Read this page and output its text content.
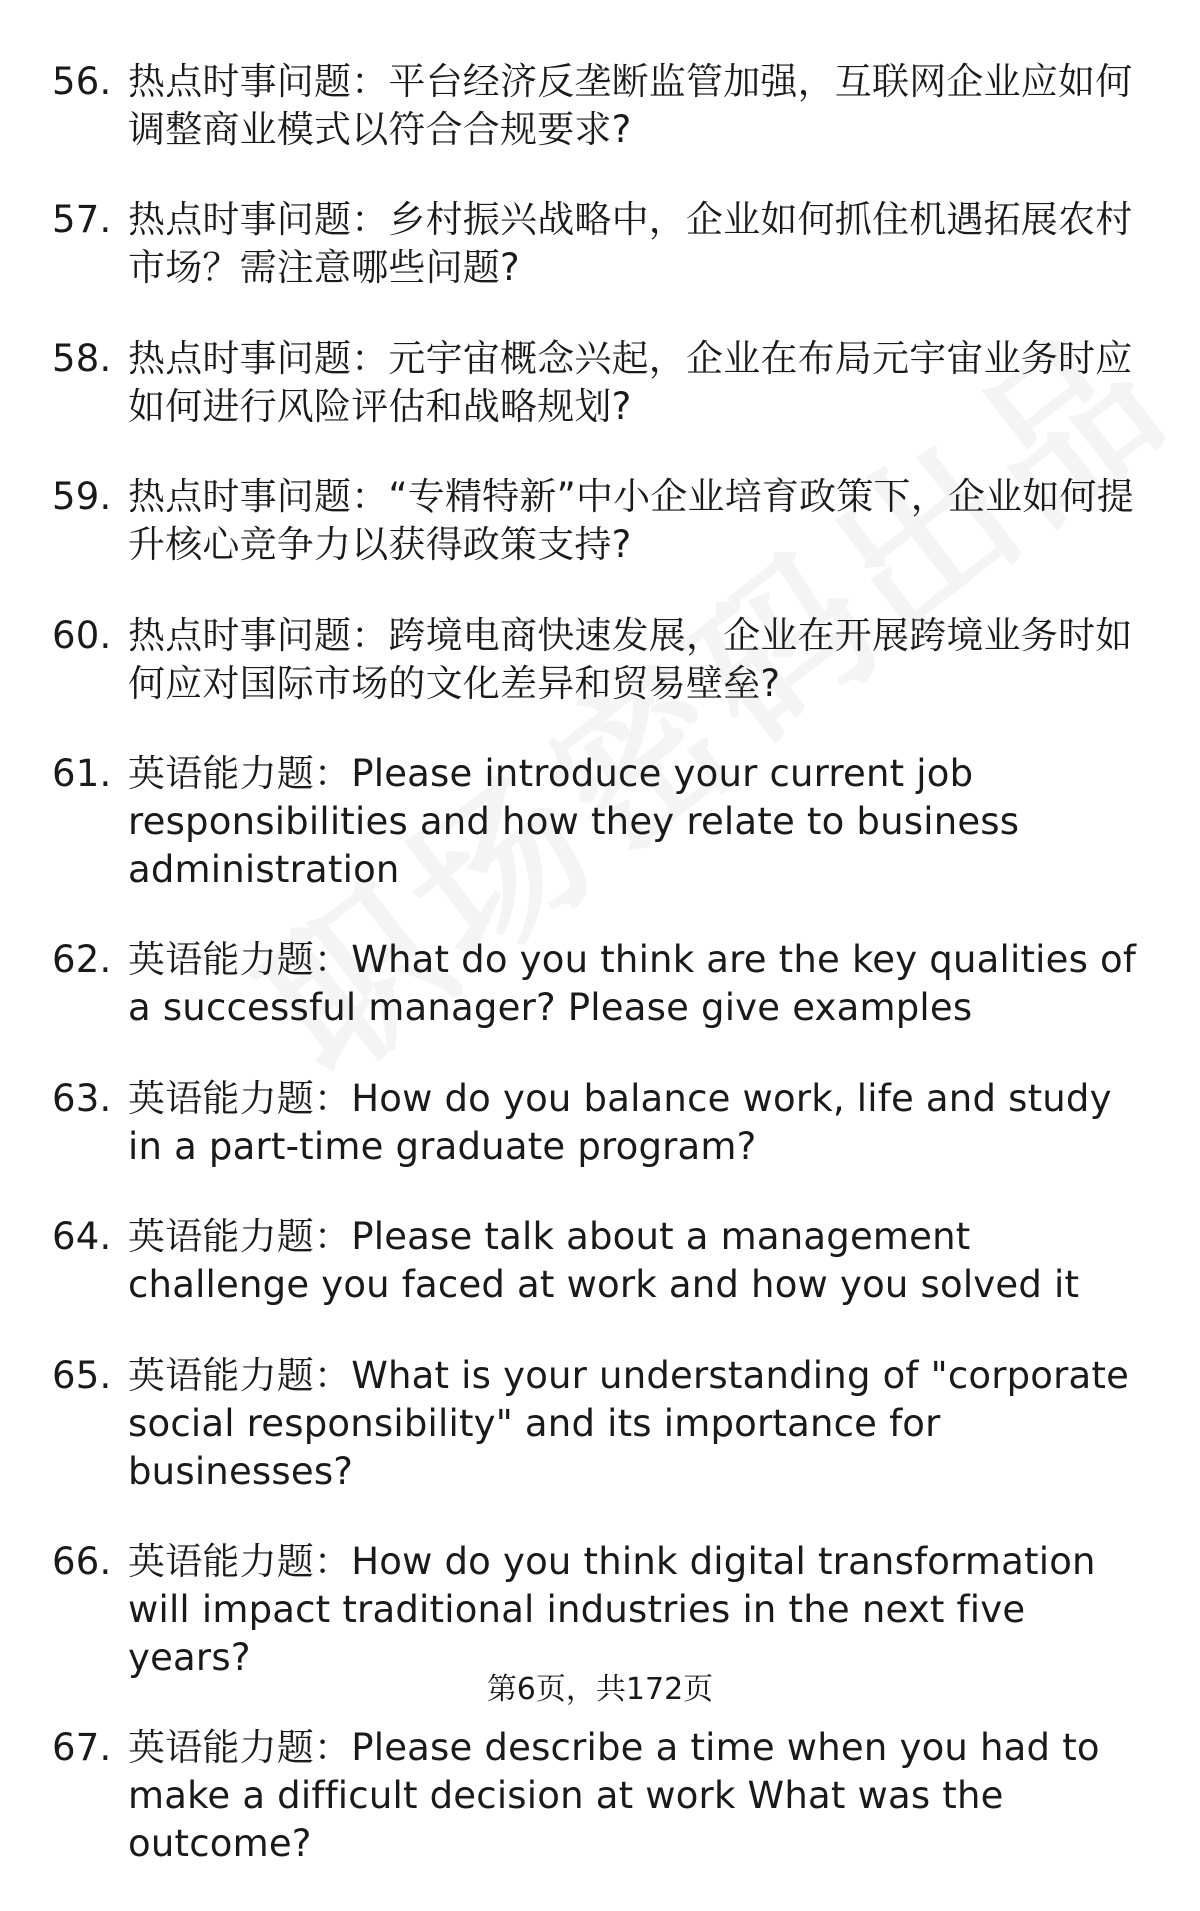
56. 热点时事问题：平台经济反垄断监管加强，互联网企业应如何调整商业模式以符合合规要求?
57. 热点时事问题：乡村振兴战略中，企业如何抓住机遇拓展农村市场？需注意哪些问题?
58. 热点时事问题：元宇宙概念兴起，企业在布局元宇宙业务时应如何进行风险评估和战略规划?
59. 热点时事问题：“专精特新”中小企业培育政策下，企业如何提升核心竞争力以获得政策支持?
60. 热点时事问题：跨境电商快速发展，企业在开展跨境业务时如何应对国际市场的文化差异和贸易壁垒?
61. 英语能力题：Please introduce your current job responsibilities and how they relate to business administration
62. 英语能力题：What do you think are the key qualities of a successful manager? Please give examples
63. 英语能力题：How do you balance work, life and study in a part-time graduate program?
64. 英语能力题：Please talk about a management challenge you faced at work and how you solved it
65. 英语能力题：What is your understanding of "corporate social responsibility" and its importance for businesses?
66. 英语能力题：How do you think digital transformation will impact traditional industries in the next five years?
67. 英语能力题：Please describe a time when you had to make a difficult decision at work What was the outcome?
第6页，共172页
